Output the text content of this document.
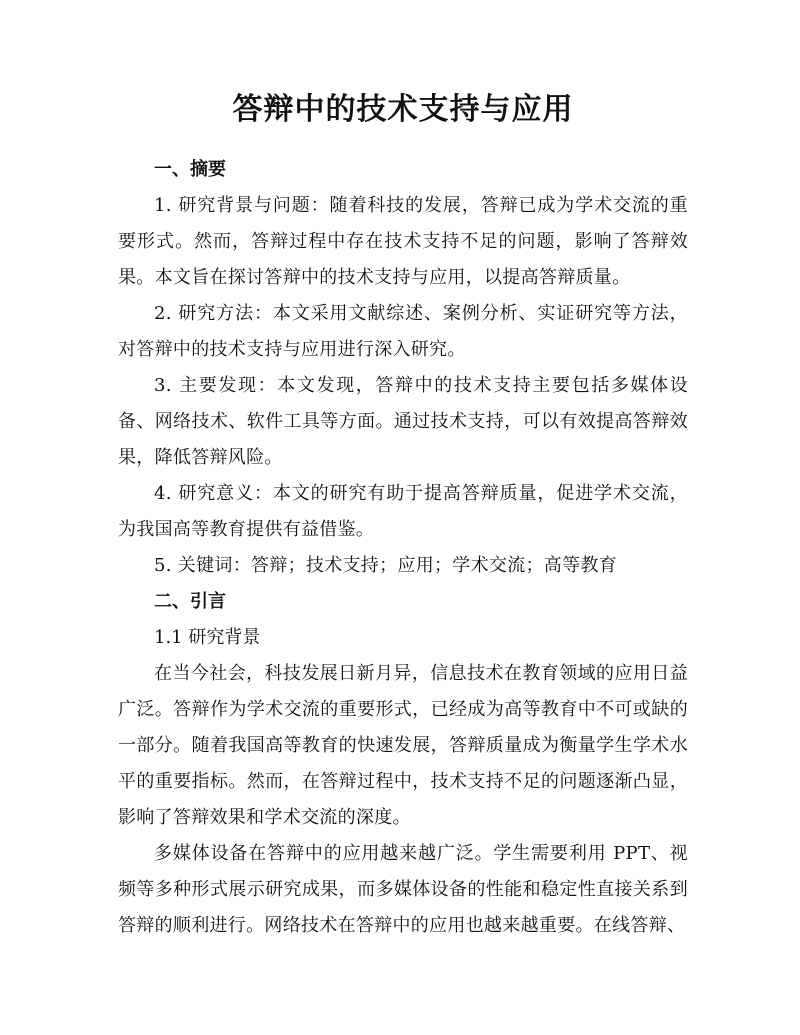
答辩中的技术支持与应用

一、摘要

1. 研究背景与问题：随着科技的发展，答辩已成为学术交流的重要形式。然而，答辩过程中存在技术支持不足的问题，影响了答辩效果。本文旨在探讨答辩中的技术支持与应用，以提高答辩质量。

2. 研究方法：本文采用文献综述、案例分析、实证研究等方法，对答辩中的技术支持与应用进行深入研究。

3. 主要发现：本文发现，答辩中的技术支持主要包括多媒体设备、网络技术、软件工具等方面。通过技术支持，可以有效提高答辩效果，降低答辩风险。

4. 研究意义：本文的研究有助于提高答辩质量，促进学术交流，为我国高等教育提供有益借鉴。

5. 关键词：答辩；技术支持；应用；学术交流；高等教育

二、引言

1.1 研究背景

在当今社会，科技发展日新月异，信息技术在教育领域的应用日益广泛。答辩作为学术交流的重要形式，已经成为高等教育中不可或缺的一部分。随着我国高等教育的快速发展，答辩质量成为衡量学生学术水平的重要指标。然而，在答辩过程中，技术支持不足的问题逐渐凸显，影响了答辩效果和学术交流的深度。

多媒体设备在答辩中的应用越来越广泛。学生需要利用 PPT、视频等多种形式展示研究成果，而多媒体设备的性能和稳定性直接关系到答辩的顺利进行。网络技术在答辩中的应用也越来越重要。在线答辩、
